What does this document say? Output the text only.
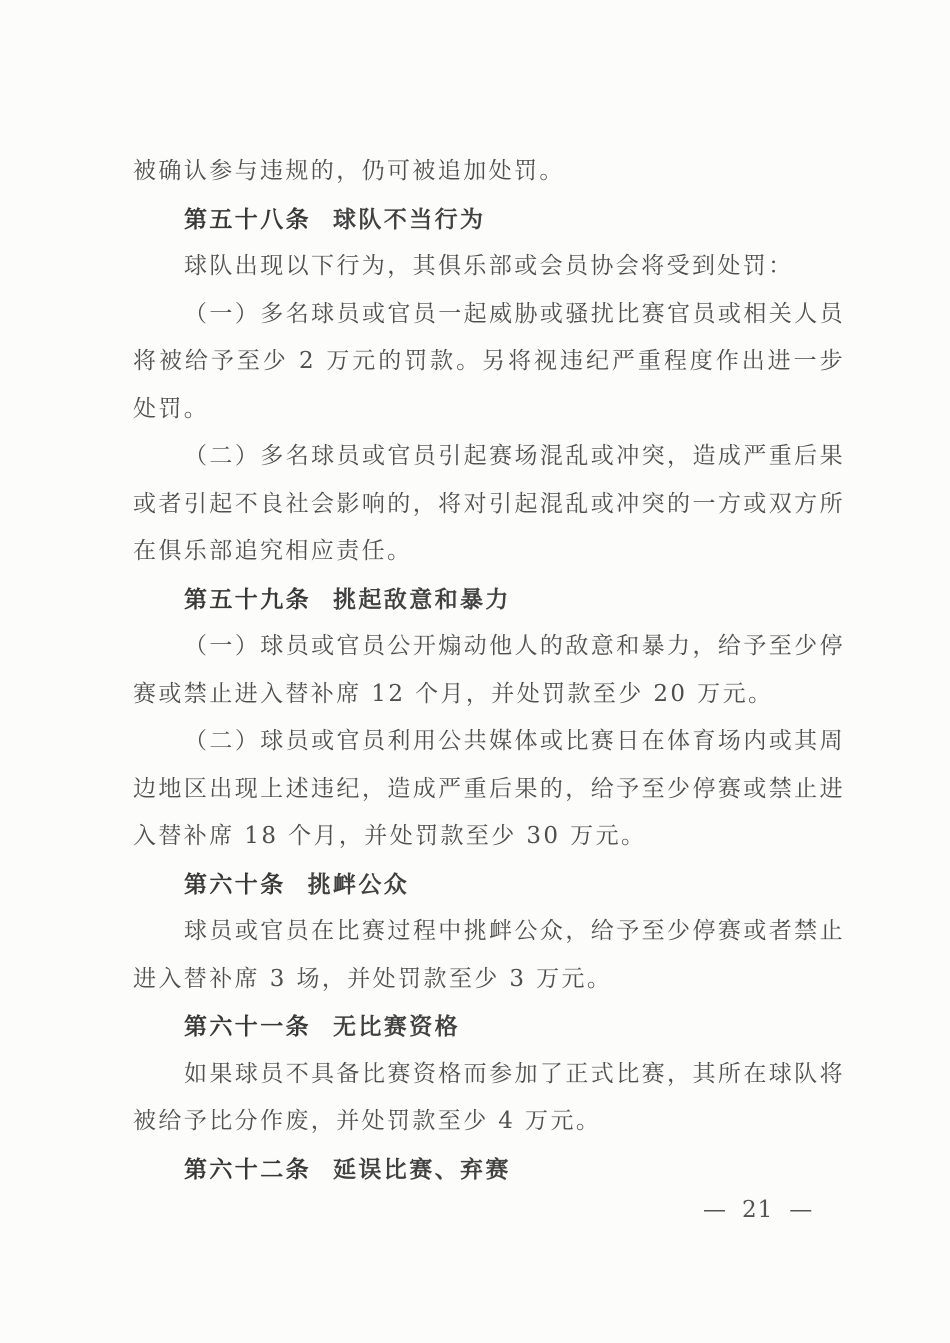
被确认参与违规的，仍可被追加处罚。
第五十八条 球队不当行为
球队出现以下行为，其俱乐部或会员协会将受到处罚：
（一）多名球员或官员一起威胁或骚扰比赛官员或相关人员
将被给予至少 2 万元的罚款。另将视违纪严重程度作出进一步
处罚。
（二）多名球员或官员引起赛场混乱或冲突，造成严重后果
或者引起不良社会影响的，将对引起混乱或冲突的一方或双方所
在俱乐部追究相应责任。
第五十九条 挑起敌意和暴力
（一）球员或官员公开煽动他人的敌意和暴力，给予至少停
赛或禁止进入替补席 12 个月，并处罚款至少 20 万元。
（二）球员或官员利用公共媒体或比赛日在体育场内或其周
边地区出现上述违纪，造成严重后果的，给予至少停赛或禁止进
入替补席 18 个月，并处罚款至少 30 万元。
第六十条 挑衅公众
球员或官员在比赛过程中挑衅公众，给予至少停赛或者禁止
进入替补席 3 场，并处罚款至少 3 万元。
第六十一条 无比赛资格
如果球员不具备比赛资格而参加了正式比赛，其所在球队将
被给予比分作废，并处罚款至少 4 万元。
第六十二条 延误比赛、弃赛
— 21 —
